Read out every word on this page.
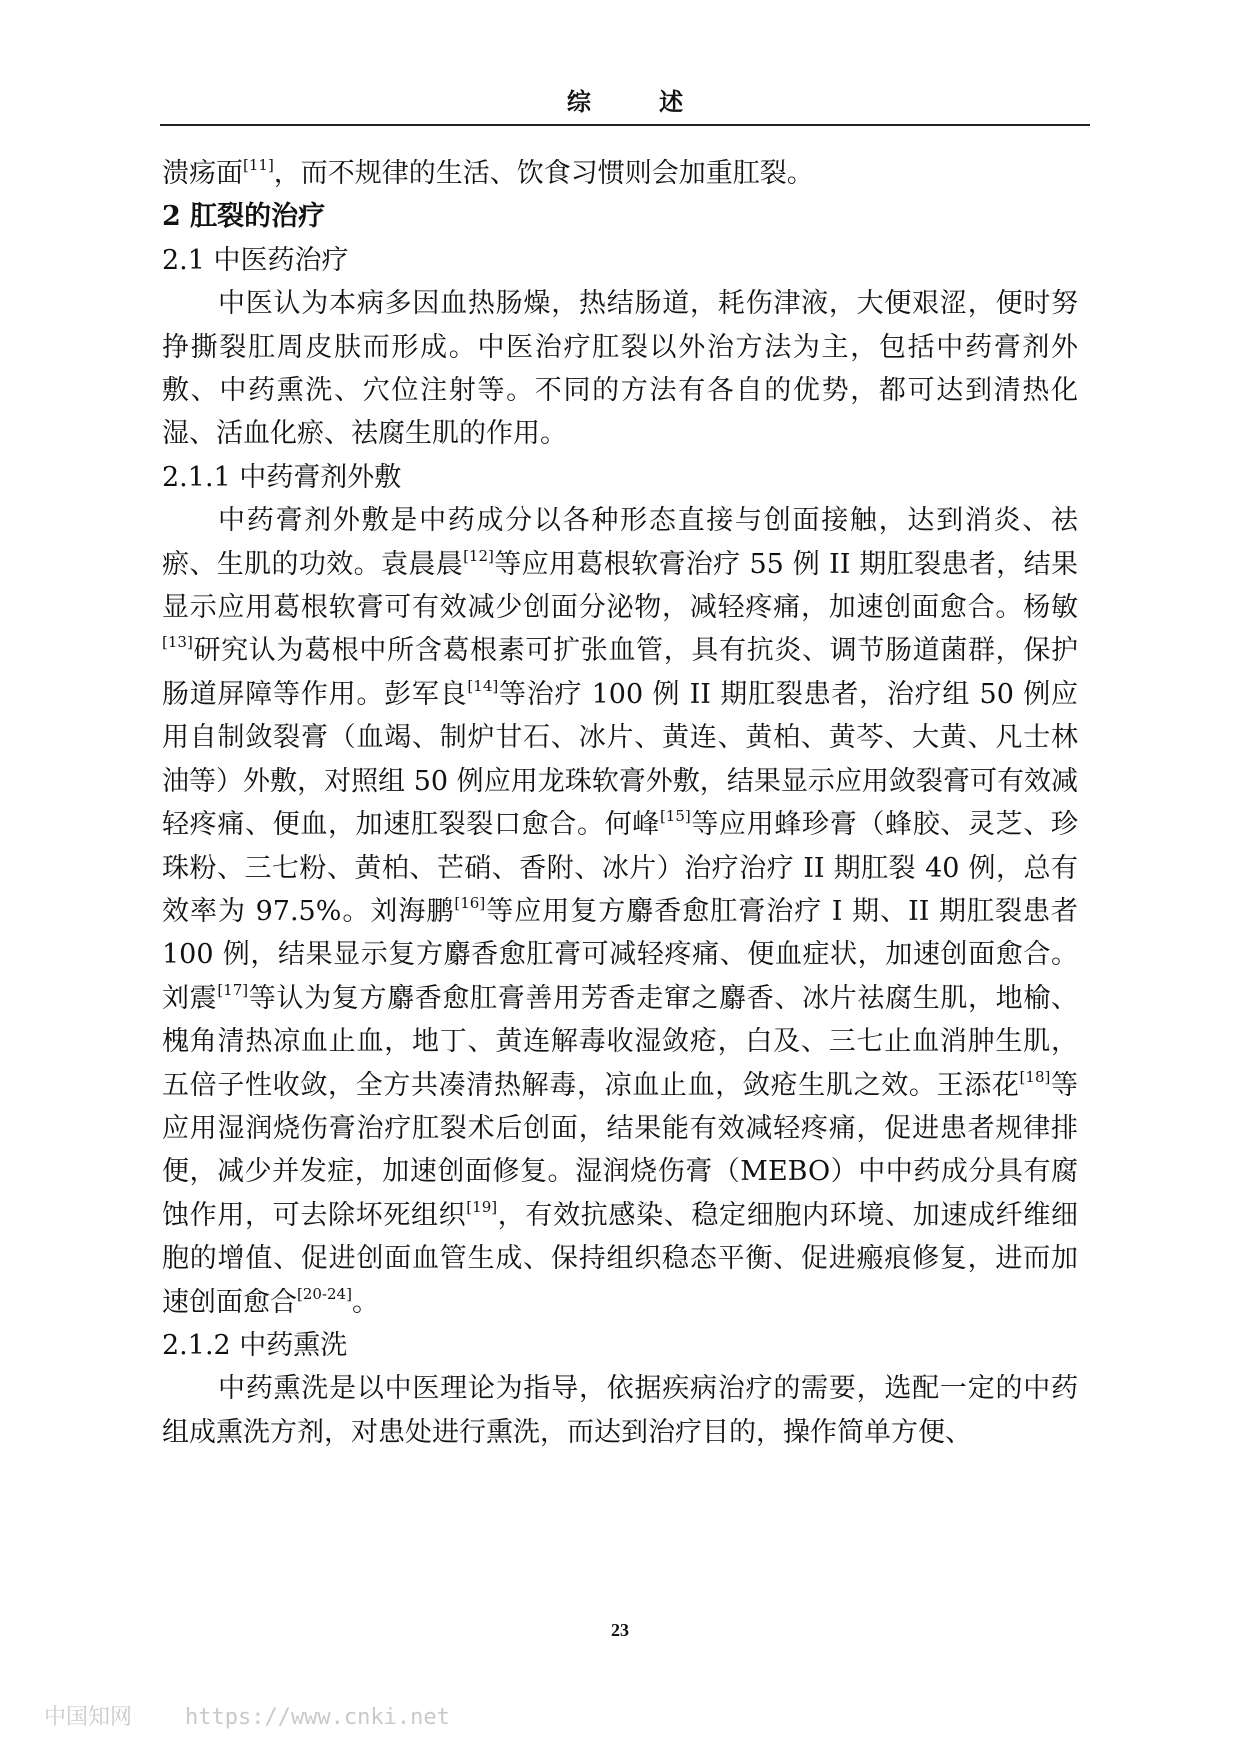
综 述

溃疡面[11]，而不规律的生活、饮食习惯则会加重肛裂。

2 肛裂的治疗

2.1 中医药治疗

中医认为本病多因血热肠燥，热结肠道，耗伤津液，大便艰涩，便时努挣撕裂肛周皮肤而形成。中医治疗肛裂以外治方法为主，包括中药膏剂外敷、中药熏洗、穴位注射等。不同的方法有各自的优势，都可达到清热化湿、活血化瘀、祛腐生肌的作用。

2.1.1 中药膏剂外敷

中药膏剂外敷是中药成分以各种形态直接与创面接触，达到消炎、祛瘀、生肌的功效。袁晨晨[12]等应用葛根软膏治疗 55 例 II 期肛裂患者，结果显示应用葛根软膏可有效减少创面分泌物，减轻疼痛，加速创面愈合。杨敏[13]研究认为葛根中所含葛根素可扩张血管，具有抗炎、调节肠道菌群，保护肠道屏障等作用。彭军良[14]等治疗 100 例 II 期肛裂患者，治疗组 50 例应用自制敛裂膏（血竭、制炉甘石、冰片、黄连、黄柏、黄芩、大黄、凡士林油等）外敷，对照组 50 例应用龙珠软膏外敷，结果显示应用敛裂膏可有效减轻疼痛、便血，加速肛裂裂口愈合。何峰[15]等应用蜂珍膏（蜂胶、灵芝、珍珠粉、三七粉、黄柏、芒硝、香附、冰片）治疗治疗 II 期肛裂 40 例，总有效率为 97.5%。刘海鹏[16]等应用复方麝香愈肛膏治疗 I 期、II 期肛裂患者 100 例，结果显示复方麝香愈肛膏可减轻疼痛、便血症状，加速创面愈合。刘震[17]等认为复方麝香愈肛膏善用芳香走窜之麝香、冰片祛腐生肌，地榆、槐角清热凉血止血，地丁、黄连解毒收湿敛疮，白及、三七止血消肿生肌，五倍子性收敛，全方共凑清热解毒，凉血止血，敛疮生肌之效。王添花[18]等应用湿润烧伤膏治疗肛裂术后创面，结果能有效减轻疼痛，促进患者规律排便，减少并发症，加速创面修复。湿润烧伤膏（MEBO）中中药成分具有腐蚀作用，可去除坏死组织[19]，有效抗感染、稳定细胞内环境、加速成纤维细胞的增值、促进创面血管生成、保持组织稳态平衡、促进瘢痕修复，进而加速创面愈合[20-24]。

2.1.2 中药熏洗

中药熏洗是以中医理论为指导，依据疾病治疗的需要，选配一定的中药组成熏洗方剂，对患处进行熏洗，而达到治疗目的，操作简单方便、

23
中国知网    https://www.cnki.net
